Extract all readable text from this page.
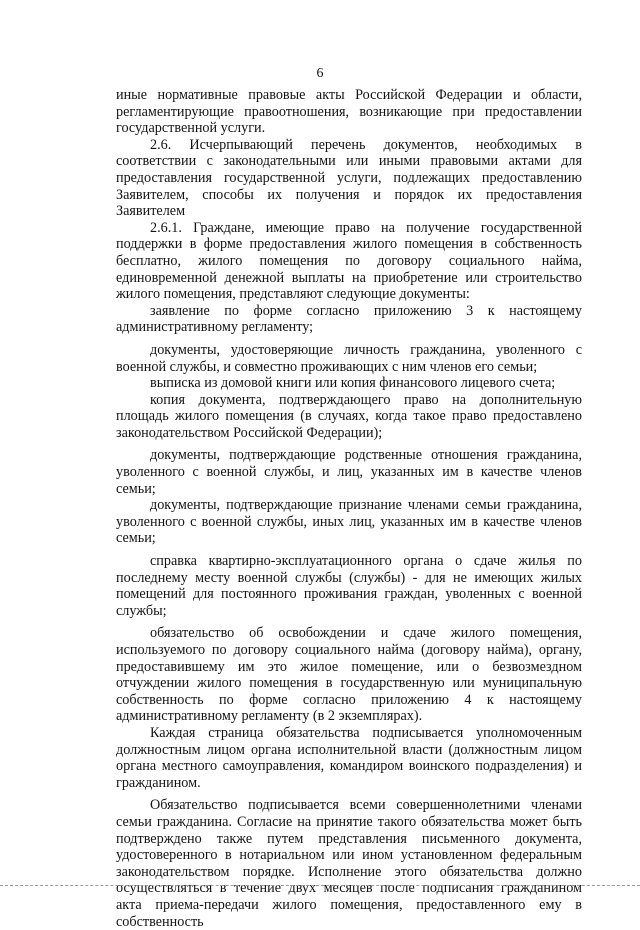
6

иные нормативные правовые акты Российской Федерации и области, регламентирующие правоотношения, возникающие при предоставлении государственной услуги.

2.6. Исчерпывающий перечень документов, необходимых в соответствии с законодательными или иными правовыми актами для предоставления государственной услуги, подлежащих предоставлению Заявителем, способы их получения и порядок их предоставления Заявителем

2.6.1. Граждане, имеющие право на получение государственной поддержки в форме предоставления жилого помещения в собственность бесплатно, жилого помещения по договору социального найма, единовременной денежной выплаты на приобретение или строительство жилого помещения, представляют следующие документы:

заявление по форме согласно приложению 3 к настоящему административному регламенту;

документы, удостоверяющие личность гражданина, уволенного с военной службы, и совместно проживающих с ним членов его семьи;

выписка из домовой книги или копия финансового лицевого счета;

копия документа, подтверждающего право на дополнительную площадь жилого помещения (в случаях, когда такое право предоставлено законодательством Российской Федерации);

документы, подтверждающие родственные отношения гражданина, уволенного с военной службы, и лиц, указанных им в качестве членов семьи;

документы, подтверждающие признание членами семьи гражданина, уволенного с военной службы, иных лиц, указанных им в качестве членов семьи;

справка квартирно-эксплуатационного органа о сдаче жилья по последнему месту военной службы (службы) - для не имеющих жилых помещений для постоянного проживания граждан, уволенных с военной службы;

обязательство об освобождении и сдаче жилого помещения, используемого по договору социального найма (договору найма), органу, предоставившему им это жилое помещение, или о безвозмездном отчуждении жилого помещения в государственную или муниципальную собственность по форме согласно приложению 4 к настоящему административному регламенту (в 2 экземплярах).

Каждая страница обязательства подписывается уполномоченным должностным лицом органа исполнительной власти (должностным лицом органа местного самоуправления, командиром воинского подразделения) и гражданином.

Обязательство подписывается всеми совершеннолетними членами семьи гражданина. Согласие на принятие такого обязательства может быть подтверждено также путем представления письменного документа, удостоверенного в нотариальном или ином установленном федеральным законодательством порядке. Исполнение этого обязательства должно осуществляться в течение двух месяцев после подписания гражданином акта приема-передачи жилого помещения, предоставленного ему в собственность
